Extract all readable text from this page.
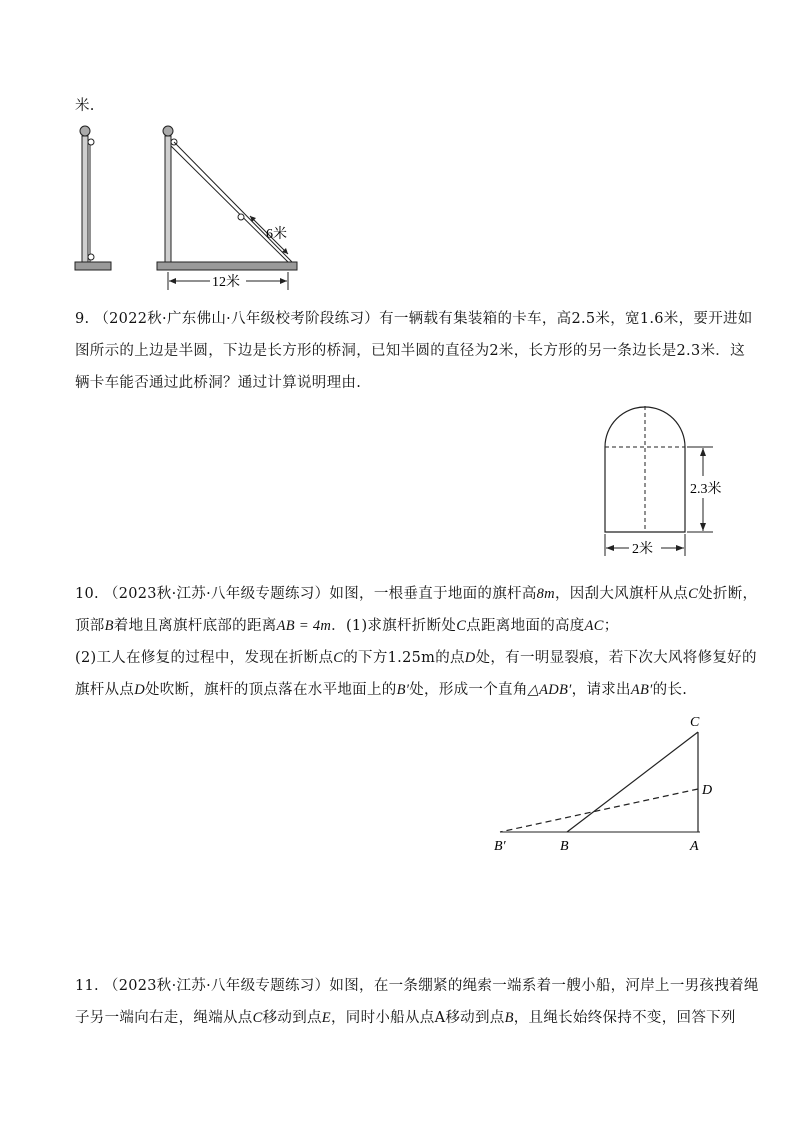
米.
6米
12米
9. （2022秋·广东佛山·八年级校考阶段练习）有一辆载有集装箱的卡车，高2.5米，宽1.6米，要开进如
图所示的上边是半圆，下边是长方形的桥洞，已知半圆的直径为2米，长方形的另一条边长是2.3米．这
辆卡车能否通过此桥洞？通过计算说明理由.
2.3米
2米
10. （2023秋·江苏·八年级专题练习）如图，一根垂直于地面的旗杆高8m，因刮大风旗杆从点C处折断，
顶部B着地且离旗杆底部的距离AB = 4m．(1)求旗杆折断处C点距离地面的高度AC；
(2)工人在修复的过程中，发现在折断点C的下方1.25m的点D处，有一明显裂痕，若下次大风将修复好的
旗杆从点D处吹断，旗杆的顶点落在水平地面上的B′处，形成一个直角△ADB′，请求出AB′的长.
C
D
B′	B	A
11. （2023秋·江苏·八年级专题练习）如图，在一条绷紧的绳索一端系着一艘小船，河岸上一男孩拽着绳
子另一端向右走，绳端从点C移动到点E，同时小船从点A移动到点B，且绳长始终保持不变，回答下列
